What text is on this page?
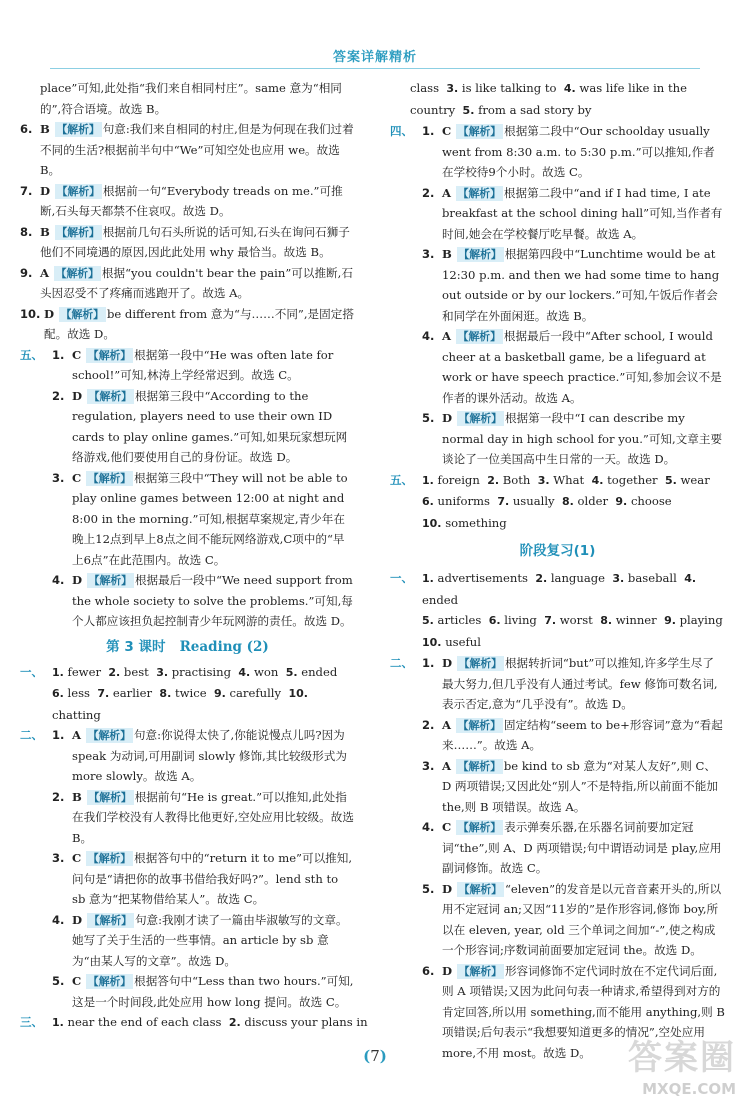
答案详解精析
place”可知,此处指“我们来自相同村庄”。same 意为“相同的”,符合语境。故选 B。
6. B 【解析】 句意:我们来自相同的村庄,但是为何现在我们过着不同的生活?根据前半句中“We”可知空处也应用 we。故选 B。
7. D 【解析】 根据前一句“Everybody treads on me.”可推断,石头每天都禁不住哀叹。故选 D。
8. B 【解析】 根据前几句石头所说的话可知,石头在询问石狮子他们不同境遇的原因,因此此处用 why 最恰当。故选 B。
9. A 【解析】 根据“you couldn't bear the pain”可以推断,石头因忍受不了疼痛而逃跑开了。故选 A。
10. D 【解析】 be different from 意为“与……不同”,是固定搭配。故选 D。
五、 1. C 【解析】 根据第一段中“He was often late for school!”可知,林涛上学经常迟到。故选 C。
2. D 【解析】 根据第三段中“According to the regulation, players need to use their own ID cards to play online games.”可知,如果玩家想玩网络游戏,他们要使用自己的身份证。故选 D。
3. C 【解析】 根据第三段中“They will not be able to play online games between 12:00 at night and 8:00 in the morning.”可知,根据草案规定,青少年在晚上12点到早上8点之间不能玩网络游戏,C项中的“早上6点”在此范围内。故选 C。
4. D 【解析】 根据最后一段中“We need support from the whole society to solve the problems.”可知,每个人都应该担负起控制青少年玩网游的责任。故选 D。
第 3 课时 Reading (2)
一、 1. fewer 2. best 3. practising 4. won 5. ended
6. less 7. earlier 8. twice 9. carefully 10. chatting
二、 1. A 【解析】 句意:你说得太快了,你能说慢点儿吗?因为 speak 为动词,可用副词 slowly 修饰,其比较级形式为 more slowly。故选 A。
2. B 【解析】 根据前句“He is great.”可以推知,此处指在我们学校没有人教得比他更好,空处应用比较级。故选 B。
3. C 【解析】 根据答句中的“return it to me”可以推知,问句是“请把你的故事书借给我好吗?”。lend sth to sb 意为“把某物借给某人”。故选 C。
4. D 【解析】 句意:我刚才读了一篇由毕淑敏写的文章。她写了关于生活的一些事情。an article by sb 意为“由某人写的文章”。故选 D。
5. C 【解析】 根据答句中“Less than two hours.”可知,这是一个时间段,此处应用 how long 提问。故选 C。
三、 1. near the end of each class 2. discuss your plans in
class 3. is like talking to 4. was life like in the
country 5. from a sad story by
四、 1. C 【解析】 根据第二段中“Our schoolday usually went from 8:30 a.m. to 5:30 p.m.”可以推知,作者在学校待9个小时。故选 C。
2. A 【解析】 根据第二段中“and if I had time, I ate breakfast at the school dining hall”可知,当作者有时间,她会在学校餐厅吃早餐。故选 A。
3. B 【解析】 根据第四段中“Lunchtime would be at 12:30 p.m. and then we had some time to hang out outside or by our lockers.”可知,午饭后作者会和同学在外面闲逛。故选 B。
4. A 【解析】 根据最后一段中“After school, I would cheer at a basketball game, be a lifeguard at work or have speech practice.”可知,参加会议不是作者的课外活动。故选 A。
5. D 【解析】 根据第一段中“I can describe my normal day in high school for you.”可知,文章主要谈论了一位美国高中生日常的一天。故选 D。
五、 1. foreign 2. Both 3. What 4. together 5. wear
6. uniforms 7. usually 8. older 9. choose
10. something
阶段复习(1)
一、 1. advertisements 2. language 3. baseball 4. ended
5. articles 6. living 7. worst 8. winner 9. playing
10. useful
二、 1. D 【解析】 根据转折词“but”可以推知,许多学生尽了最大努力,但几乎没有人通过考试。few 修饰可数名词,表示否定,意为“几乎没有”。故选 D。
2. A 【解析】 固定结构“seem to be+形容词”意为“看起来……”。故选 A。
3. A 【解析】 be kind to sb 意为“对某人友好”,则 C、D 两项错误;又因此处“别人”不是特指,所以前面不能加 the,则 B 项错误。故选 A。
4. C 【解析】 表示弹奏乐器,在乐器名词前要加定冠词“the”,则 A、D 两项错误;句中谓语动词是 play,应用副词修饰。故选 C。
5. D 【解析】 “eleven”的发音是以元音音素开头的,所以用不定冠词 an;又因“11岁的”是作形容词,修饰 boy,所以在 eleven, year, old 三个单词之间加“-”,使之构成一个形容词;序数词前面要加定冠词 the。故选 D。
6. D 【解析】 形容词修饰不定代词时放在不定代词后面,则 A 项错误;又因为此问句表一种请求,希望得到对方的肯定回答,所以用 something,而不能用 anything,则 B 项错误;后句表示“我想要知道更多的情况”,空处应用 more,不用 most。故选 D。
(7)	答案圈
MXQE.COM
